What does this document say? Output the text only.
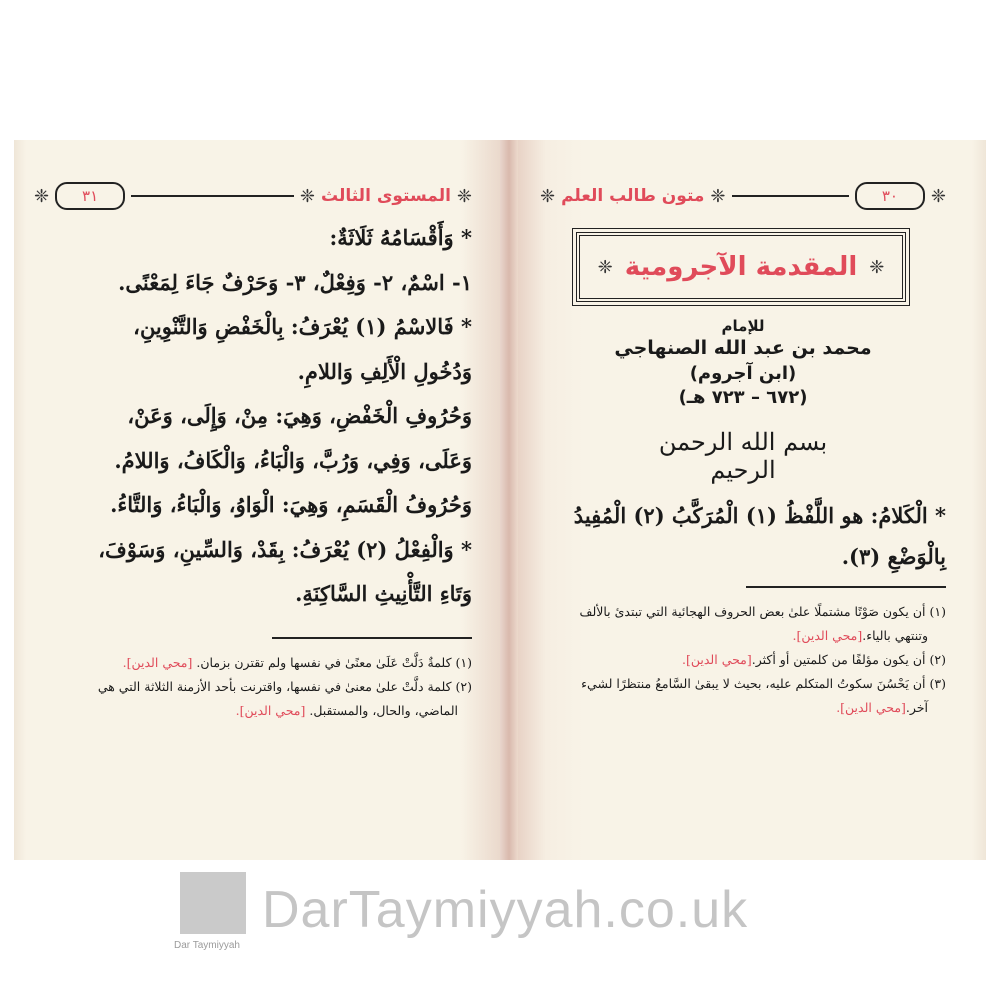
❈
المستوى الثالث
❈
٣١
❈
* وَأَقْسَامُهُ ثَلَاثَةٌ:
١- اسْمٌ، ٢- وَفِعْلٌ، ٣- وَحَرْفٌ جَاءَ لِمَعْنًى.
* فَالاسْمُ (١) يُعْرَفُ: بِالْخَفْضِ وَالتَّنْوِينِ،
وَدُخُولِ الْأَلِفِ وَاللامِ.
وَحُرُوفِ الْخَفْضِ، وَهِيَ: مِنْ، وَإِلَى، وَعَنْ،
وَعَلَى، وَفِي، وَرُبَّ، وَالْبَاءُ، وَالْكَافُ، وَاللامُ.
وَحُرُوفُ الْقَسَمِ، وَهِيَ: الْوَاوُ، وَالْبَاءُ، وَالتَّاءُ.
* وَالْفِعْلُ (٢) يُعْرَفُ: بِقَدْ، وَالسِّينِ، وَسَوْفَ،
وَتَاءِ التَّأْنِيثِ السَّاكِنَةِ.
(١) كلمةٌ دَلَّتْ عَلَىٰ معنًىٰ في نفسها ولم تقترن بزمان. [محي الدين].
(٢) كلمة دلَّتْ علىٰ معنىٰ في نفسها، واقترنت بأحد الأزمنة الثلاثة التي هي
الماضي، والحال، والمستقبل. [محي الدين].
❈
٣٠
❈
متون طالب العلم
❈
❈
المقدمة الآجرومية
❈
للإمام
محمد بن عبد الله الصنهاجي
(ابن آجروم)
(٦٧٢ – ٧٢٣ هـ)
بسم الله الرحمن الرحيم
* الْكَلامُ: هو اللَّفْظُ (١) الْمُرَكَّبُ (٢) الْمُفِيدُ
بِالْوَضْعِ (٣).
(١) أن يكون صَوْتًا مشتملًا علىٰ بعض الحروف الهجائية التي تبتدئ بالألف
وتنتهي بالياء.[محي الدين].
(٢) أن يكون مؤلفًا من كلمتين أو أكثر.[محي الدين].
(٣) أن يَحْسُنَ سكوتُ المتكلم عليه، بحيث لا يبقىٰ السَّامعُ منتظرًا لشيء
آخر.[محي الدين].
Dar Taymiyyah
DarTaymiyyah.co.uk
